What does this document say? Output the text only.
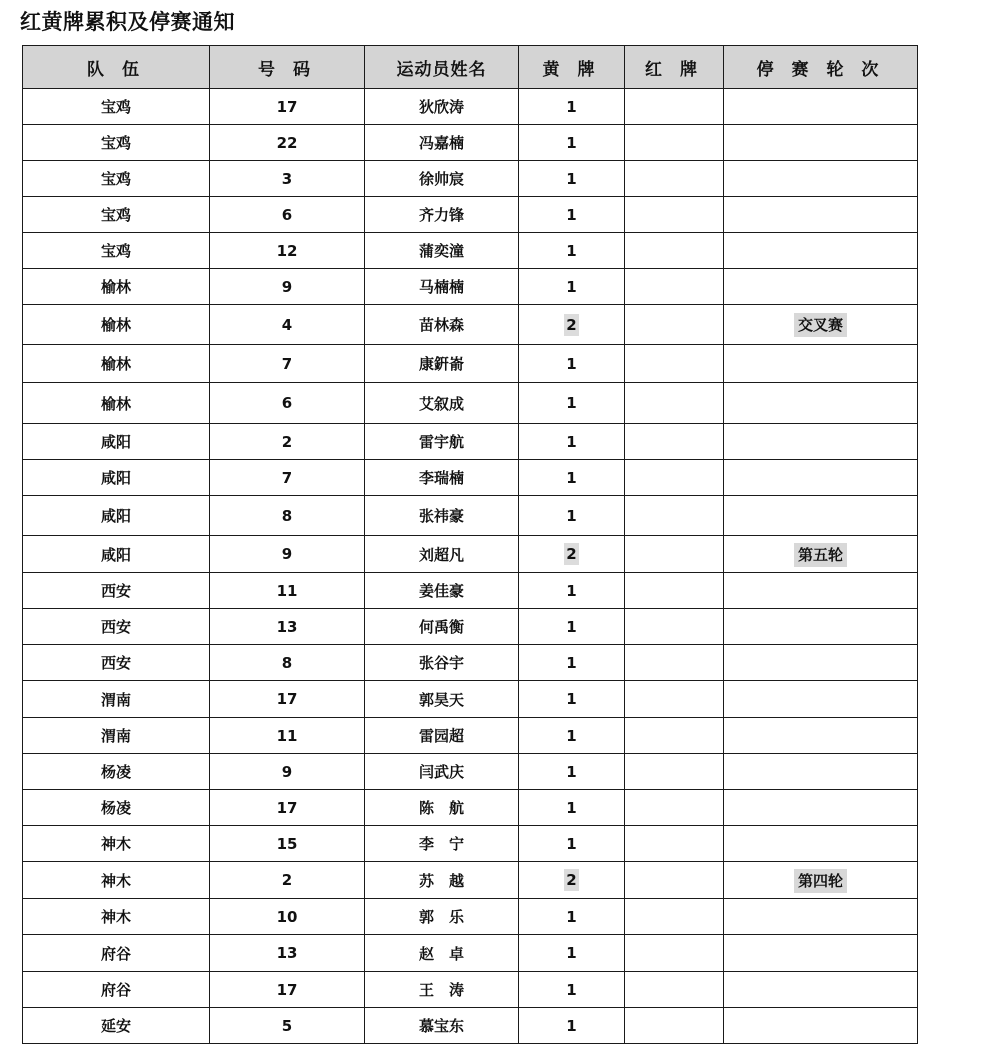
红黄牌累积及停赛通知
队 伍	号 码	运动员姓名	黄 牌	红 牌	停 赛 轮 次
宝鸡	17	狄欣涛	1		
宝鸡	22	冯嘉楠	1		
宝鸡	3	徐帅宸	1		
宝鸡	6	齐力锋	1		
宝鸡	12	蒲奕潼	1		
榆林	9	马楠楠	1		
榆林	4	苗林森	2		交叉赛
榆林	7	康銒嵛	1		
榆林	6	艾叙成	1		
咸阳	2	雷宇航	1		
咸阳	7	李瑞楠	1		
咸阳	8	张祎豪	1		
咸阳	9	刘超凡	2		第五轮
西安	11	姜佳豪	1		
西安	13	何禹衡	1		
西安	8	张谷宇	1		
渭南	17	郭昊天	1		
渭南	11	雷园超	1		
杨凌	9	闫武庆	1		
杨凌	17	陈　航	1		
神木	15	李　宁	1		
神木	2	苏　越	2		第四轮
神木	10	郭　乐	1		
府谷	13	赵　卓	1		
府谷	17	王　涛	1		
延安	5	慕宝东	1		
